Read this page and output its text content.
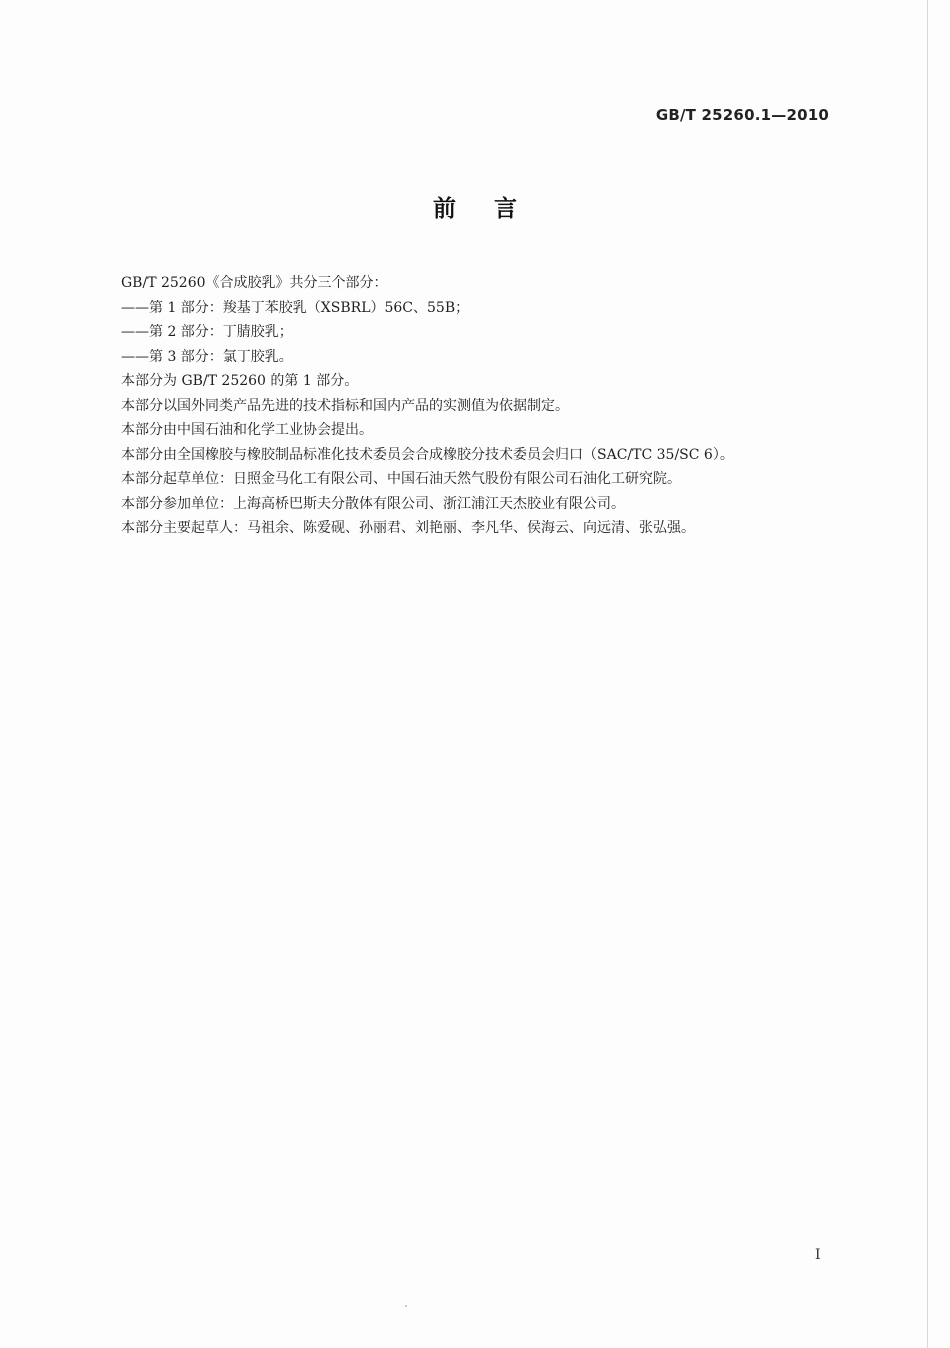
GB/T 25260.1—2010
前言
GB/T 25260《合成胶乳》共分三个部分：
——第 1 部分：羧基丁苯胶乳（XSBRL）56C、55B；
——第 2 部分：丁腈胶乳；
——第 3 部分：氯丁胶乳。
本部分为 GB/T 25260 的第 1 部分。
本部分以国外同类产品先进的技术指标和国内产品的实测值为依据制定。
本部分由中国石油和化学工业协会提出。
本部分由全国橡胶与橡胶制品标准化技术委员会合成橡胶分技术委员会归口（SAC/TC 35/SC 6）。
本部分起草单位：日照金马化工有限公司、中国石油天然气股份有限公司石油化工研究院。
本部分参加单位：上海高桥巴斯夫分散体有限公司、浙江浦江天杰胶业有限公司。
本部分主要起草人：马祖余、陈爱砚、孙丽君、刘艳丽、李凡华、侯海云、向远清、张弘强。
I
